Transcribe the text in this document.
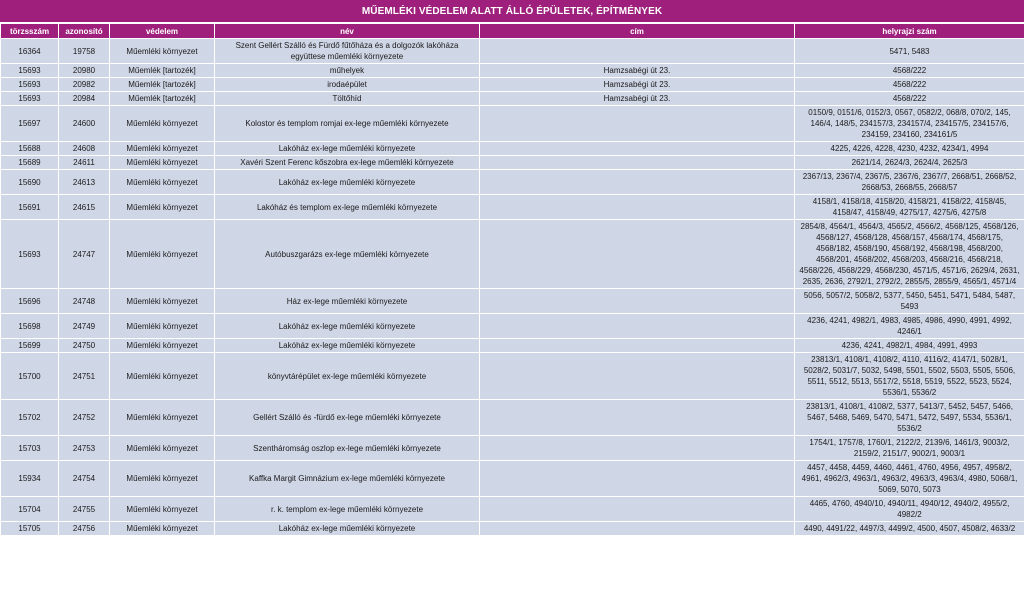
MŰEMLÉKI VÉDELEM ALATT ÁLLÓ ÉPÜLETEK, ÉPÍTMÉNYEK
törzsszám	azonosító	védelem	név	cím	helyrajzi szám
16364	19758	Műemléki környezet	Szent Gellért Szálló és Fürdő fűtőháza és a dolgozók lakóháza együttese műemléki környezete		5471, 5483
15693	20980	Műemlék [tartozék]	műhelyek	Hamzsabégi út 23.	4568/222
15693	20982	Műemlék [tartozék]	irodaépület	Hamzsabégi út 23.	4568/222
15693	20984	Műemlék [tartozék]	Töltőhíd	Hamzsabégi út 23.	4568/222
15697	24600	Műemléki környezet	Kolostor és templom romjai ex-lege műemléki környezete		0150/9, 0151/6, 0152/3, 0567, 0582/2, 068/8, 070/2, 145, 146/4, 148/5, 234157/3, 234157/4, 234157/5, 234157/6, 234159, 234160, 234161/5
15688	24608	Műemléki környezet	Lakóház ex-lege műemléki környezete		4225, 4226, 4228, 4230, 4232, 4234/1, 4994
15689	24611	Műemléki környezet	Xavéri Szent Ferenc kőszobra ex-lege műemléki környezete		2621/14, 2624/3, 2624/4, 2625/3
15690	24613	Műemléki környezet	Lakóház ex-lege műemléki környezete		2367/13, 2367/4, 2367/5, 2367/6, 2367/7, 2668/51, 2668/52, 2668/53, 2668/55, 2668/57
15691	24615	Műemléki környezet	Lakóház és templom ex-lege műemléki környezete		4158/1, 4158/18, 4158/20, 4158/21, 4158/22, 4158/45, 4158/47, 4158/49, 4275/17, 4275/6, 4275/8
15693	24747	Műemléki környezet	Autóbuszgarázs ex-lege műemléki környezete		2854/8, 4564/1, 4564/3, 4565/2, 4566/2, 4568/125, 4568/126, 4568/127, 4568/128, 4568/157, 4568/174, 4568/175, 4568/182, 4568/190, 4568/192, 4568/198, 4568/200, 4568/201, 4568/202, 4568/203, 4568/216, 4568/218, 4568/226, 4568/229, 4568/230, 4571/5, 4571/6, 2629/4, 2631, 2635, 2636, 2792/1, 2792/2, 2855/5, 2855/9, 4565/1, 4571/4
15696	24748	Műemléki környezet	Ház ex-lege műemléki környezete		5056, 5057/2, 5058/2, 5377, 5450, 5451, 5471, 5484, 5487, 5493
15698	24749	Műemléki környezet	Lakóház ex-lege műemléki környezete		4236, 4241, 4982/1, 4983, 4985, 4986, 4990, 4991, 4992, 4246/1
15699	24750	Műemléki környezet	Lakóház ex-lege műemléki környezete		4236, 4241, 4982/1, 4984, 4991, 4993
15700	24751	Műemléki környezet	könyvtárépület ex-lege műemléki környezete		23813/1, 4108/1, 4108/2, 4110, 4116/2, 4147/1, 5028/1, 5028/2, 5031/7, 5032, 5498, 5501, 5502, 5503, 5505, 5506, 5511, 5512, 5513, 5517/2, 5518, 5519, 5522, 5523, 5524, 5536/1, 5536/2
15702	24752	Műemléki környezet	Gellért Szálló és -fürdő ex-lege műemléki környezete		23813/1, 4108/1, 4108/2, 5377, 5413/7, 5452, 5457, 5466, 5467, 5468, 5469, 5470, 5471, 5472, 5497, 5534, 5536/1, 5536/2
15703	24753	Műemléki környezet	Szentháromság oszlop ex-lege műemléki környezete		1754/1, 1757/8, 1760/1, 2122/2, 2139/6, 1461/3, 9003/2, 2159/2, 2151/7, 9002/1, 9003/1
15934	24754	Műemléki környezet	Kaffka Margit Gimnázium ex-lege műemléki környezete		4457, 4458, 4459, 4460, 4461, 4760, 4956, 4957, 4958/2, 4961, 4962/3, 4963/1, 4963/2, 4963/3, 4963/4, 4980, 5068/1, 5069, 5070, 5073
15704	24755	Műemléki környezet	r. k. templom ex-lege műemléki környezete		4465, 4760, 4940/10, 4940/11, 4940/12, 4940/2, 4955/2, 4982/2
15705	24756	Műemléki környezet	Lakóház ex-lege műemléki környezete		4490, 4491/22, 4497/3, 4499/2, 4500, 4507, 4508/2, 4633/2
